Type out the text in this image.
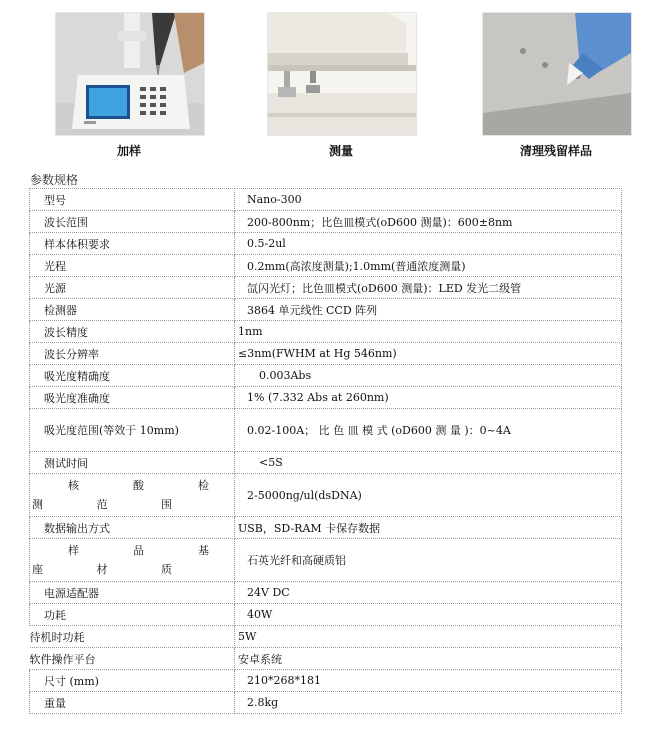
加样	测量	清理残留样品
参数规格
型号	Nano-300
波长范围	200-800nm；比色皿模式(oD600 测量)：600±8nm
样本体积要求	0.5-2ul
光程	0.2mm(高浓度测量);1.0mm(普通浓度测量)
光源	氙闪光灯；比色皿模式(oD600 测量)：LED 发光二级管
检测器	3864 单元线性 CCD 阵列
波长精度	1nm
波长分辨率	≤3nm(FWHM at Hg 546nm)
吸光度精确度	0.003Abs
吸光度准确度	1% (7.332 Abs at 260nm)
吸光度范围(等效于 10mm)	0.02-100A； 比 色 皿 模 式 (oD600 测 量 )：0~4A
测试时间	<5S
核 酸 检 测 范 围	2-5000ng/ul(dsDNA)
数据输出方式	USB，SD-RAM 卡保存数据
样 品 基 座 材 质	石英光纤和高硬质铝
电源适配器	24V DC
功耗	40W
待机时功耗	5W
软件操作平台	安卓系统
尺寸 (mm)	210*268*181
重量	2.8kg
